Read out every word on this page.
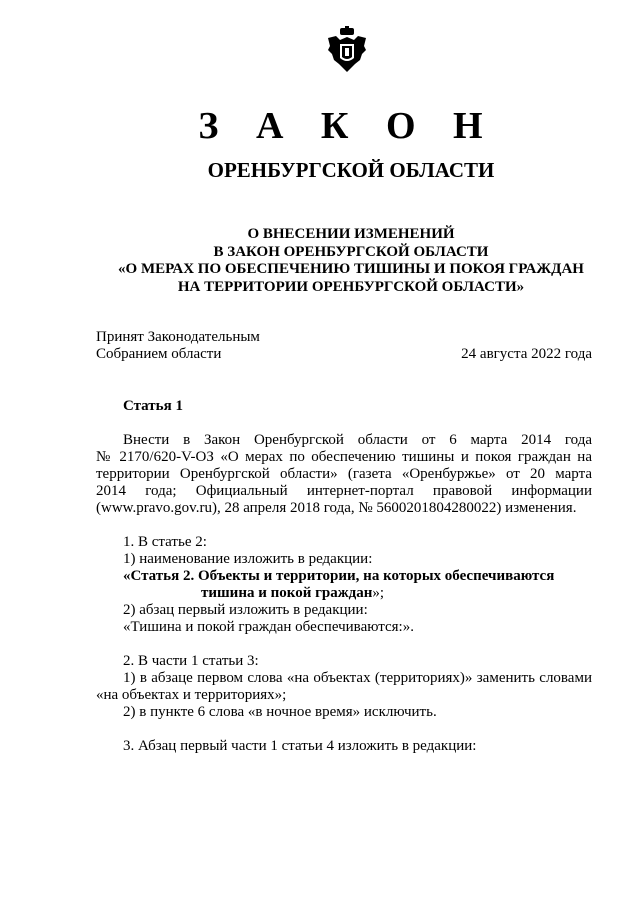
З А К О Н
ОРЕНБУРГСКОЙ ОБЛАСТИ
О ВНЕСЕНИИ ИЗМЕНЕНИЙ
В ЗАКОН ОРЕНБУРГСКОЙ ОБЛАСТИ
«О МЕРАХ ПО ОБЕСПЕЧЕНИЮ ТИШИНЫ И ПОКОЯ ГРАЖДАН
НА ТЕРРИТОРИИ ОРЕНБУРГСКОЙ ОБЛАСТИ»
Принят Законодательным
Собранием области	24 августа 2022 года
Статья 1
Внести в Закон Оренбургской области от 6 марта 2014 года
№ 2170/620-V-ОЗ «О мерах по обеспечению тишины и покоя граждан на
территории Оренбургской области» (газета «Оренбуржье» от 20 марта
2014 года; Официальный интернет-портал правовой информации
(www.pravo.gov.ru), 28 апреля 2018 года, № 5600201804280022) изменения.
1. В статье 2:
1) наименование изложить в редакции:
«Статья 2. Объекты и территории, на которых обеспечиваются
тишина и покой граждан»;
2) абзац первый изложить в редакции:
«Тишина и покой граждан обеспечиваются:».
2. В части 1 статьи 3:
1) в абзаце первом слова «на объектах (территориях)» заменить словами
«на объектах и территориях»;
2) в пункте 6 слова «в ночное время» исключить.
3. Абзац первый части 1 статьи 4 изложить в редакции:
